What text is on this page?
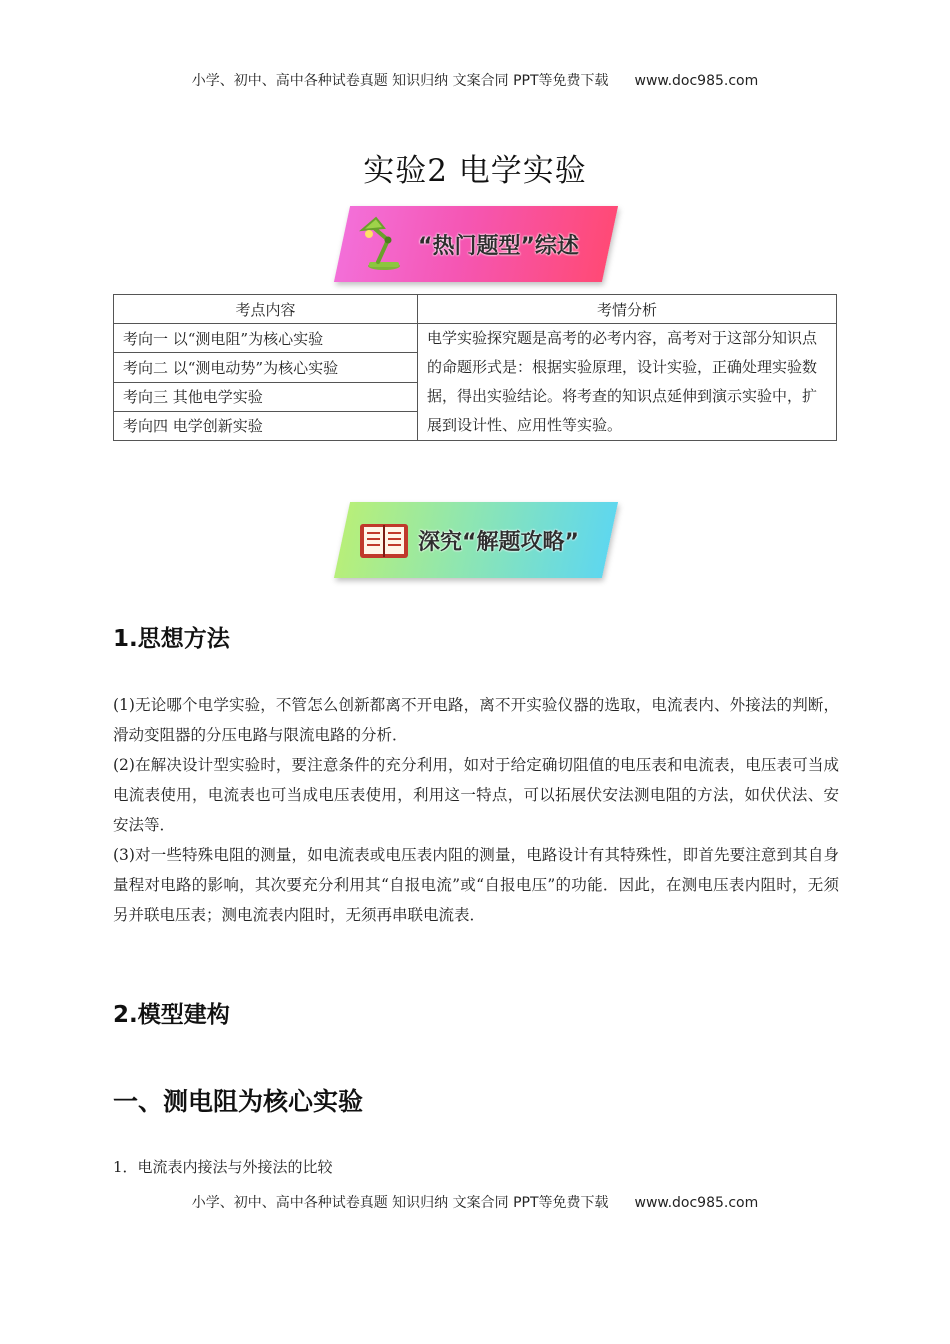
小学、初中、高中各种试卷真题 知识归纳 文案合同 PPT等免费下载 www.doc985.com
实验2 电学实验
“热门题型”综述
考点内容	考情分析
考向一 以“测电阻”为核心实验	电学实验探究题是高考的必考内容，高考对于这部分知识点的命题形式是：根据实验原理，设计实验，正确处理实验数据，得出实验结论。将考查的知识点延伸到演示实验中，扩展到设计性、应用性等实验。
考向二 以“测电动势”为核心实验	
考向三 其他电学实验	
考向四 电学创新实验	
深究“解题攻略”
1.思想方法

(1)无论哪个电学实验，不管怎么创新都离不开电路，离不开实验仪器的选取，电流表内、外接法的判断，滑动变阻器的分压电路与限流电路的分析．

(2)在解决设计型实验时，要注意条件的充分利用，如对于给定确切阻值的电压表和电流表，电压表可当成电流表使用，电流表也可当成电压表使用，利用这一特点，可以拓展伏安法测电阻的方法，如伏伏法、安安法等．

(3)对一些特殊电阻的测量，如电流表或电压表内阻的测量，电路设计有其特殊性，即首先要注意到其自身量程对电路的影响，其次要充分利用其“自报电流”或“自报电压”的功能．因此，在测电压表内阻时，无须另并联电压表；测电流表内阻时，无须再串联电流表．

2.模型建构
一、测电阻为核心实验
1．电流表内接法与外接法的比较
小学、初中、高中各种试卷真题 知识归纳 文案合同 PPT等免费下载 www.doc985.com
